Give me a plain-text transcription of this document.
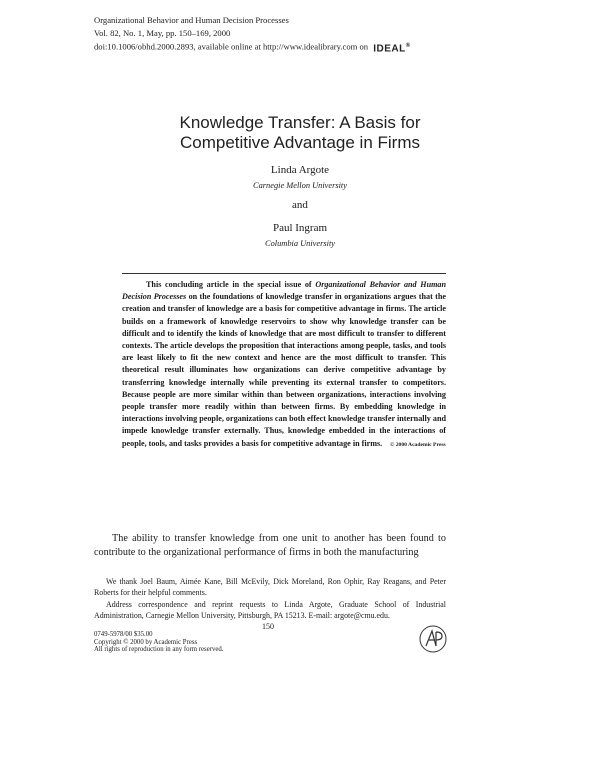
Organizational Behavior and Human Decision Processes
Vol. 82, No. 1, May, pp. 150–169, 2000
doi:10.1006/obhd.2000.2893, available online at http://www.idealibrary.com on IDEAL®
Knowledge Transfer: A Basis for
Competitive Advantage in Firms
Linda Argote
Carnegie Mellon University
and
Paul Ingram
Columbia University
This concluding article in the special issue of Organizational Behavior and Human Decision Processes on the foundations of knowledge transfer in organizations argues that the creation and transfer of knowledge are a basis for competitive advantage in firms. The article builds on a framework of knowledge reservoirs to show why knowledge transfer can be difficult and to identify the kinds of knowledge that are most difficult to transfer to different contexts. The article develops the proposition that interactions among people, tasks, and tools are least likely to fit the new context and hence are the most difficult to transfer. This theoretical result illuminates how organizations can derive competitive advantage by transferring knowledge internally while preventing its external transfer to competitors. Because people are more similar within than between organizations, interactions involving people transfer more readily within than between firms. By embedding knowledge in interactions involving people, organizations can both effect knowledge transfer internally and impede knowledge transfer externally. Thus, knowledge embedded in the interactions of people, tools, and tasks provides a basis for competitive advantage in firms. © 2000 Academic Press
The ability to transfer knowledge from one unit to another has been found to contribute to the organizational performance of firms in both the manufacturing
We thank Joel Baum, Aimée Kane, Bill McEvily, Dick Moreland, Ron Ophir, Ray Reagans, and Peter Roberts for their helpful comments.
Address correspondence and reprint requests to Linda Argote, Graduate School of Industrial Administration, Carnegie Mellon University, Pittsburgh, PA 15213. E-mail: argote@cmu.edu.
150
0749-5978/00 $35.00
Copyright © 2000 by Academic Press
All rights of reproduction in any form reserved.
